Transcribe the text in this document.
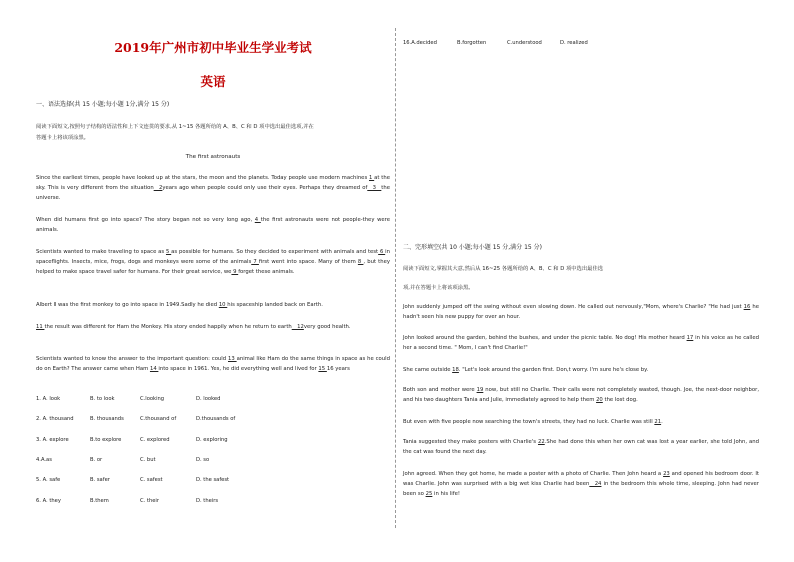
2019年广州市初中毕业生学业考试
英语
一、语法选择(共 15 小题;每小题 1分,满分 15 分)
阅读下面短文,按照句子结构的语法性和上下文连贯的要求,从 1~15 各题所给的 A、B、C 和 D 项中选出最佳选项,并在
答题卡上将该项涂黑。
The first astronauts
Since the earliest times, people have looked up at the stars, the moon and the planets. Today people use modern machines 1 at the sky. This is very different from the situation__2years ago when people could only use their eyes. Perhaps they dreamed of__3__the universe.
When did humans first go into space? The story began not so very long ago, 4 the first astronauts were not people-they were animals.
Scientists wanted to make traveling to space as 5 as possible for humans. So they decided to experiment with animals and test 6 in spaceflights. Insects, mice, frogs, dogs and monkeys were some of the animals 7 first went into space. Many of them 8 , but they helped to make space travel safer for humans. For their great service, we 9 forget these animals.
Albert Ⅱ was the first monkey to go into space in 1949.Sadly he died 10 his spaceship landed back on Earth.
11 the result was different for Ham the Monkey. His story ended happily when he return to earth__12very good health.
Scientists wanted to know the answer to the important question: could 13 animal like Ham do the same things in space as he could do on Earth? The answer came when Ham 14 into space in 1961. Yes, he did everything well and lived for 15 16 years
1. A. look	B. to look	C.looking	D. looked
2. A. thousand	B. thousands	C.thousand of	D.thousands of
3. A. explore	B.to explore	C. explored	D. exploring
4.A.as	B. or	C. but	D. so
5. A. safe	B. safer	C. safest	D. the safest
6. A. they	B.them	C. their	D. theirs
16.A.decided	B.forgotten	C.understood	D. realized
二、完形填空(共 10 小题;每小题 15 分,满分 15 分)
阅读下面短文,掌握其大意,然后从 16~25 各题所给的 A、B、C 和 D 项中选出最佳选
项,并在答题卡上将该项涂黑。
John suddenly jumped off the swing without even slowing down. He called out nervously,"Mom, where's Charlie? "He had just 16 he hadn't seen his new puppy for over an hour.
John looked around the garden, behind the bushes, and under the picnic table. No dog! His mother heard 17 in his voice as he called her a second time. " Mom, I can't find Charlie!"
She came outside 18. "Let's look around the garden first. Don,t worry. I'm sure he's close by.
Both son and mother were 19 now, but still no Charlie. Their calls were not completely wasted, though. Joe, the next-door neighbor, and his two daughters Tania and Julie, immediately agreed to help them 20 the lost dog.
But even with five people now searching the town's streets, they had no luck. Charlie was still 21.
Tania suggested they make posters with Charlie's 22.She had done this when her own cat was lost a year earlier, she told John, and the cat was found the next day.
John agreed. When they got home, he made a poster with a photo of Charlie. Then John heard a 23 and opened his bedroom door. It was Charlie. John was surprised with a big wet kiss Charlie had been__24 in the bedroom this whole time, sleeping. John had never been so 25 in his life!
